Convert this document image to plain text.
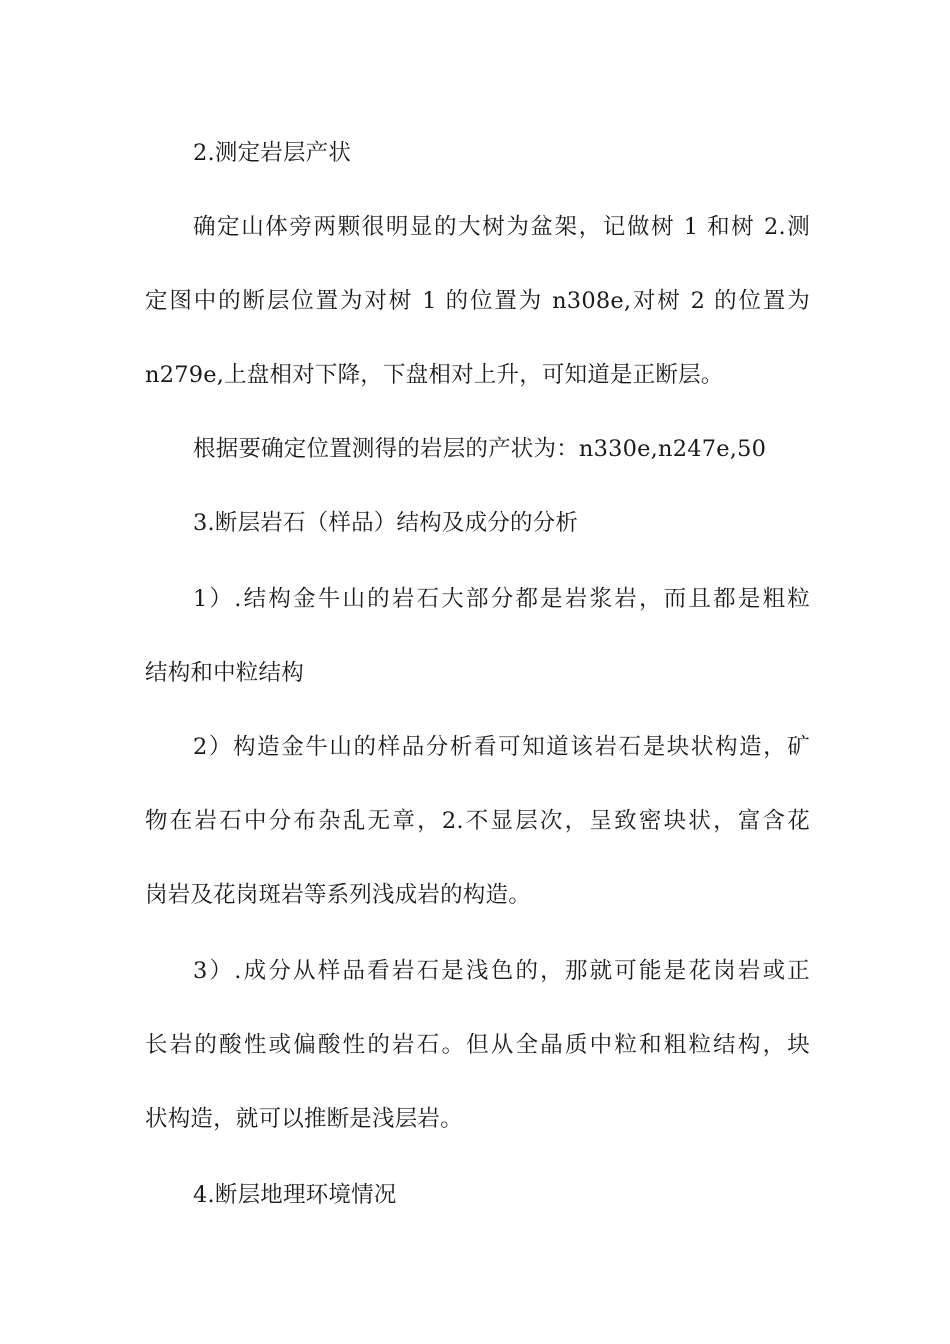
2.测定岩层产状
确定山体旁两颗很明显的大树为盆架，记做树 1 和树 2.测
定图中的断层位置为对树 1 的位置为 n308e,对树 2 的位置为
n279e,上盘相对下降，下盘相对上升，可知道是正断层。
根据要确定位置测得的岩层的产状为：n330e,n247e,50
3.断层岩石（样品）结构及成分的分析
1）.结构金牛山的岩石大部分都是岩浆岩，而且都是粗粒
结构和中粒结构
2）构造金牛山的样品分析看可知道该岩石是块状构造，矿
物在岩石中分布杂乱无章，2.不显层次，呈致密块状，富含花
岗岩及花岗斑岩等系列浅成岩的构造。
3）.成分从样品看岩石是浅色的，那就可能是花岗岩或正
长岩的酸性或偏酸性的岩石。但从全晶质中粒和粗粒结构，块
状构造，就可以推断是浅层岩。
4.断层地理环境情况
